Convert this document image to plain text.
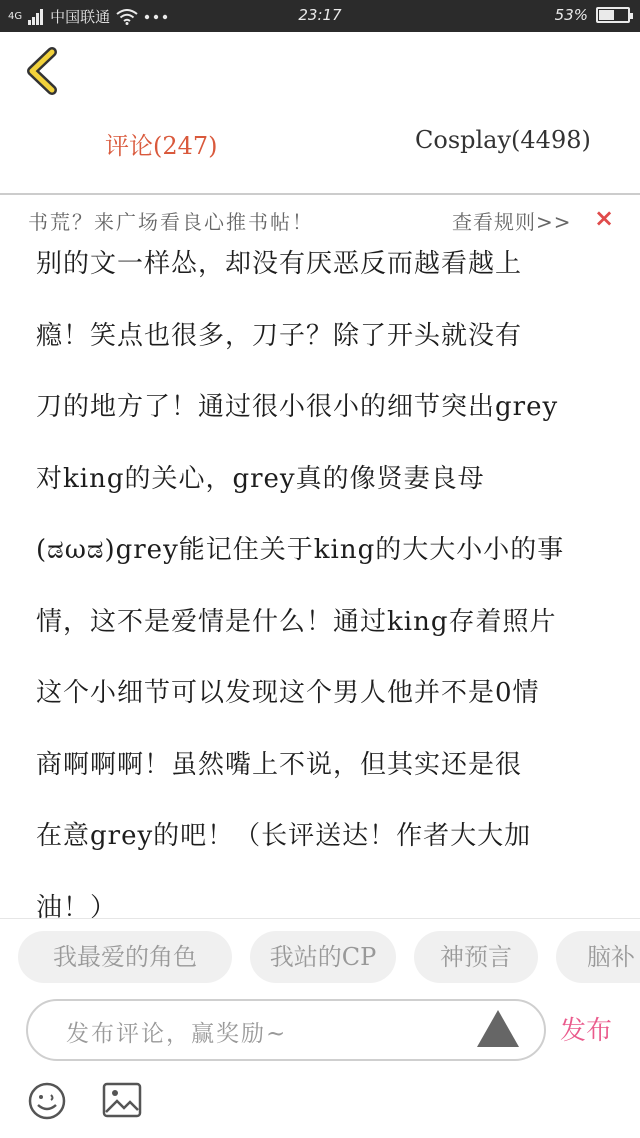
4G 中国联通	23:17	53%
评论(247)	Cosplay(4498)
书荒？来广场看良心推书帖！	查看规则>> ×
别的文一样怂，却没有厌恶反而越看越上
瘾！笑点也很多，刀子？除了开头就没有
刀的地方了！通过很小很小的细节突出grey
对king的关心，grey真的像贤妻良母
(ಡωಡ)grey能记住关于king的大大小小的事
情，这不是爱情是什么！通过king存着照片
这个小细节可以发现这个男人他并不是0情
商啊啊啊！虽然嘴上不说，但其实还是很
在意grey的吧！（长评送达！作者大大加
油！）
我最爱的角色	我站的CP	神预言	脑补
发布评论，赢奖励~	发布
